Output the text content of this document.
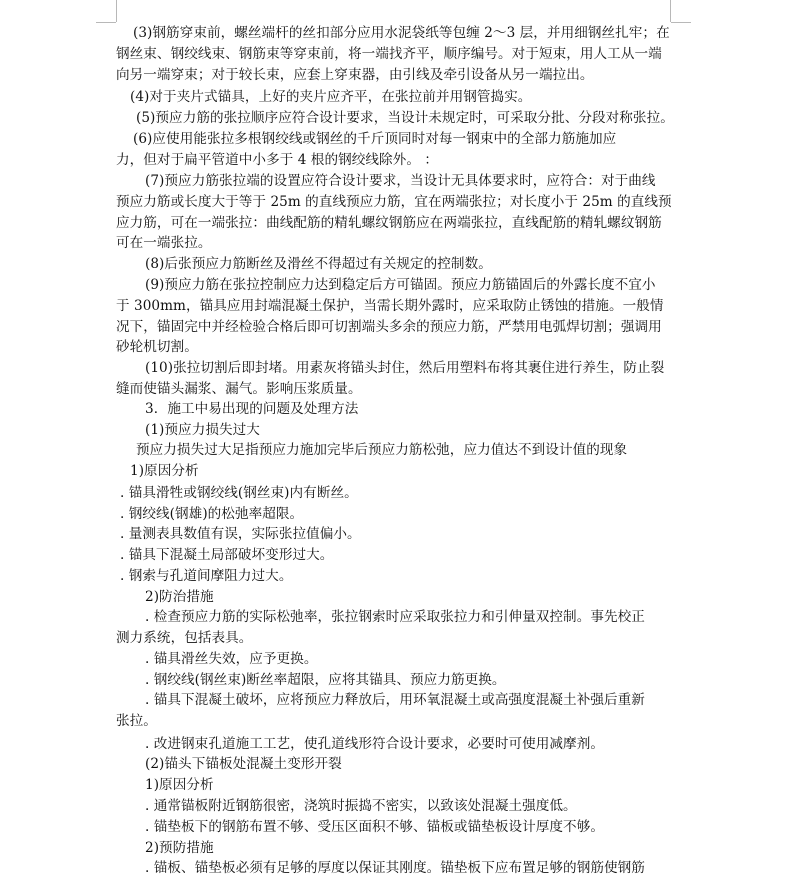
(3)钢筋穿束前，螺丝端杆的丝扣部分应用水泥袋纸等包缠 2～3 层，并用细钢丝扎牢；在
钢丝束、钢绞线束、钢筋束等穿束前，将一端找齐平，顺序编号。对于短束，用人工从一端
向另一端穿束；对于较长束，应套上穿束器，由引线及牵引设备从另一端拉出。
(4)对于夹片式锚具，上好的夹片应齐平，在张拉前并用钢管捣实。
(5)预应力筋的张拉顺序应符合设计要求，当设计未规定时，可采取分批、分段对称张拉。
(6)应使用能张拉多根钢绞线或钢丝的千斤顶同时对每一钢束中的全部力筋施加应
力，但对于扁平管道中小多于 4 根的钢绞线除外。 ：
(7)预应力筋张拉端的设置应符合设计要求，当设计无具体要求时，应符合：对于曲线
预应力筋或长度大于等于 25m 的直线预应力筋，宜在两端张拉；对长度小于 25m 的直线预
应力筋，可在一端张拉：曲线配筋的精轧螺纹钢筋应在两端张拉，直线配筋的精轧螺纹钢筋
可在一端张拉。
(8)后张预应力筋断丝及滑丝不得超过有关规定的控制数。
(9)预应力筋在张拉控制应力达到稳定后方可锚固。预应力筋锚固后的外露长度不宜小
于 300mm，锚具应用封端混凝土保护，当需长期外露时，应采取防止锈蚀的措施。一般情
况下，锚固完中并经检验合格后即可切割端头多余的预应力筋，严禁用电弧焊切割；强调用
砂轮机切割。
(10)张拉切割后即封堵。用素灰将锚头封住，然后用塑料布将其裹住进行养生，防止裂
缝而使锚头漏浆、漏气。影响压浆质量。
3．施工中易出现的问题及处理方法
(1)预应力损失过大
预应力损失过大足指预应力施加完毕后预应力筋松弛，应力值达不到设计值的现象
1)原因分析
. 锚具滑牲或钢绞线(钢丝束)内有断丝。
. 钢绞线(钢雄)的松弛率超限。
. 量测表具数值有误，实际张拉值偏小。
. 锚具下混凝土局部破坏变形过大。
. 钢索与孔道间摩阻力过大。
2)防治措施
. 检查预应力筋的实际松弛率，张拉钢索时应采取张拉力和引伸量双控制。事先校正
测力系统，包括表具。
. 锚具滑丝失效，应予更换。
. 钢绞线(钢丝束)断丝率超限，应将其锚具、预应力筋更换。
. 锚具下混凝土破坏，应将预应力释放后，用环氧混凝土或高强度混凝土补强后重新
张拉。
. 改进钢束孔道施工工艺，使孔道线形符合设计要求，必要时可使用减摩剂。
(2)锚头下锚板处混凝土变形开裂
1)原因分析
. 通常锚板附近钢筋很密，浇筑时振捣不密实，以致该处混凝土强度低。
. 锚垫板下的钢筋布置不够、受压区面积不够、锚板或锚垫板设计厚度不够。
2)预防措施
. 锚板、锚垫板必须有足够的厚度以保证其刚度。锚垫板下应布置足够的钢筋使钢筋
